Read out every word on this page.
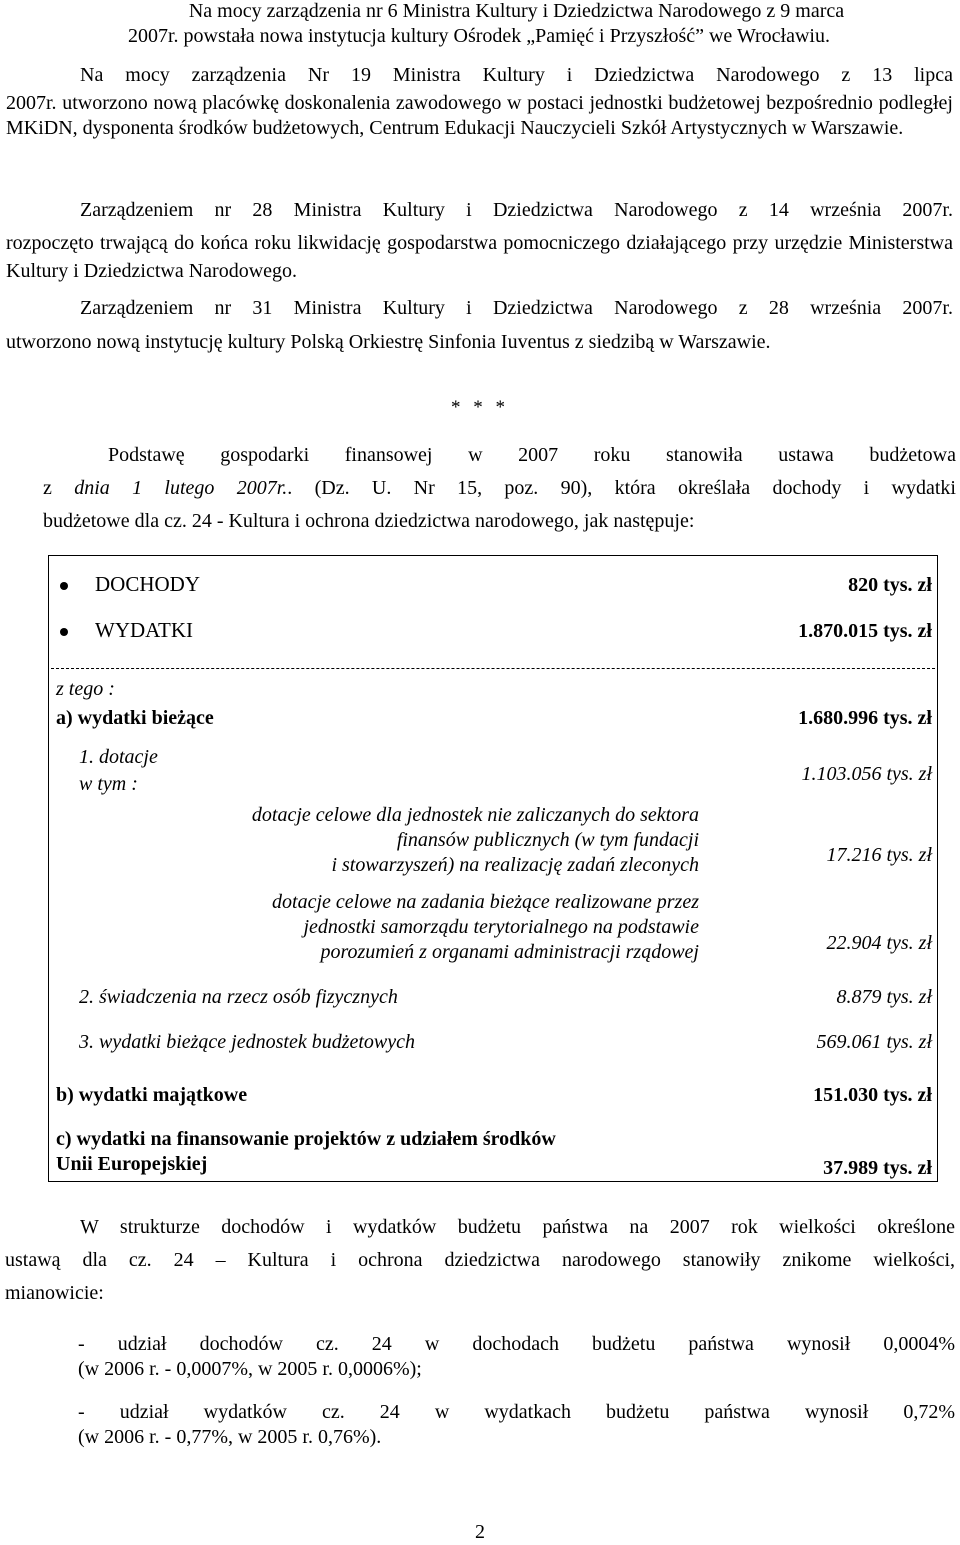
Na mocy zarządzenia nr 6 Ministra Kultury i Dziedzictwa Narodowego z 9 marca
2007r. powstała nowa instytucja kultury Ośrodek „Pamięć i Przyszłość” we Wrocławiu.

Na mocy zarządzenia Nr 19 Ministra Kultury i Dziedzictwa Narodowego z 13 lipca

2007r. utworzono nową placówkę doskonalenia zawodowego w postaci jednostki budżetowej bezpośrednio podległej MKiDN, dysponenta środków budżetowych, Centrum Edukacji Nauczycieli Szkół Artystycznych w Warszawie.
Zarządzeniem nr 28 Ministra Kultury i Dziedzictwa Narodowego z 14 września 2007r.
rozpoczęto trwającą do końca roku likwidację gospodarstwa pomocniczego działającego przy urzędzie Ministerstwa Kultury i Dziedzictwa Narodowego.
Zarządzeniem nr 31 Ministra Kultury i Dziedzictwa Narodowego z 28 września 2007r.
utworzono nową instytucję kultury Polską Orkiestrę Sinfonia Iuventus z siedzibą w Warszawie.
* * *
Podstawę gospodarki finansowej w 2007 roku stanowiła ustawa budżetowa
z dnia 1 lutego 2007r.. (Dz. U. Nr 15, poz. 90), która określała dochody i wydatki
budżetowe dla cz. 24 - Kultura i ochrona dziedzictwa narodowego, jak następuje:
DOCHODY	820 tys. zł
WYDATKI	1.870.015 tys. zł
z tego :
a) wydatki bieżące	1.680.996 tys. zł
1. dotacje
w tym :	1.103.056 tys. zł
dotacje celowe dla jednostek nie zaliczanych do sektora
finansów publicznych (w tym fundacji
i stowarzyszeń) na realizację zadań zleconych	17.216 tys. zł
dotacje celowe na zadania bieżące realizowane przez
jednostki samorządu terytorialnego na podstawie
porozumień z organami administracji rządowej	22.904 tys. zł
2. świadczenia na rzecz osób fizycznych	8.879 tys. zł
3. wydatki bieżące jednostek budżetowych	569.061 tys. zł
b) wydatki majątkowe	151.030 tys. zł
c) wydatki na finansowanie projektów z udziałem środków
Unii Europejskiej	37.989 tys. zł
W strukturze dochodów i wydatków budżetu państwa na 2007 rok wielkości określone
ustawą dla cz. 24 – Kultura i ochrona dziedzictwa narodowego stanowiły znikome wielkości,
mianowicie:

- udział dochodów cz. 24 w dochodach budżetu państwa wynosił 0,0004%

(w 2006 r. - 0,0007%, w 2005 r. 0,0006%);

- udział wydatków cz. 24 w wydatkach budżetu państwa wynosił 0,72%

(w 2006 r. - 0,77%, w 2005 r. 0,76%).

2
